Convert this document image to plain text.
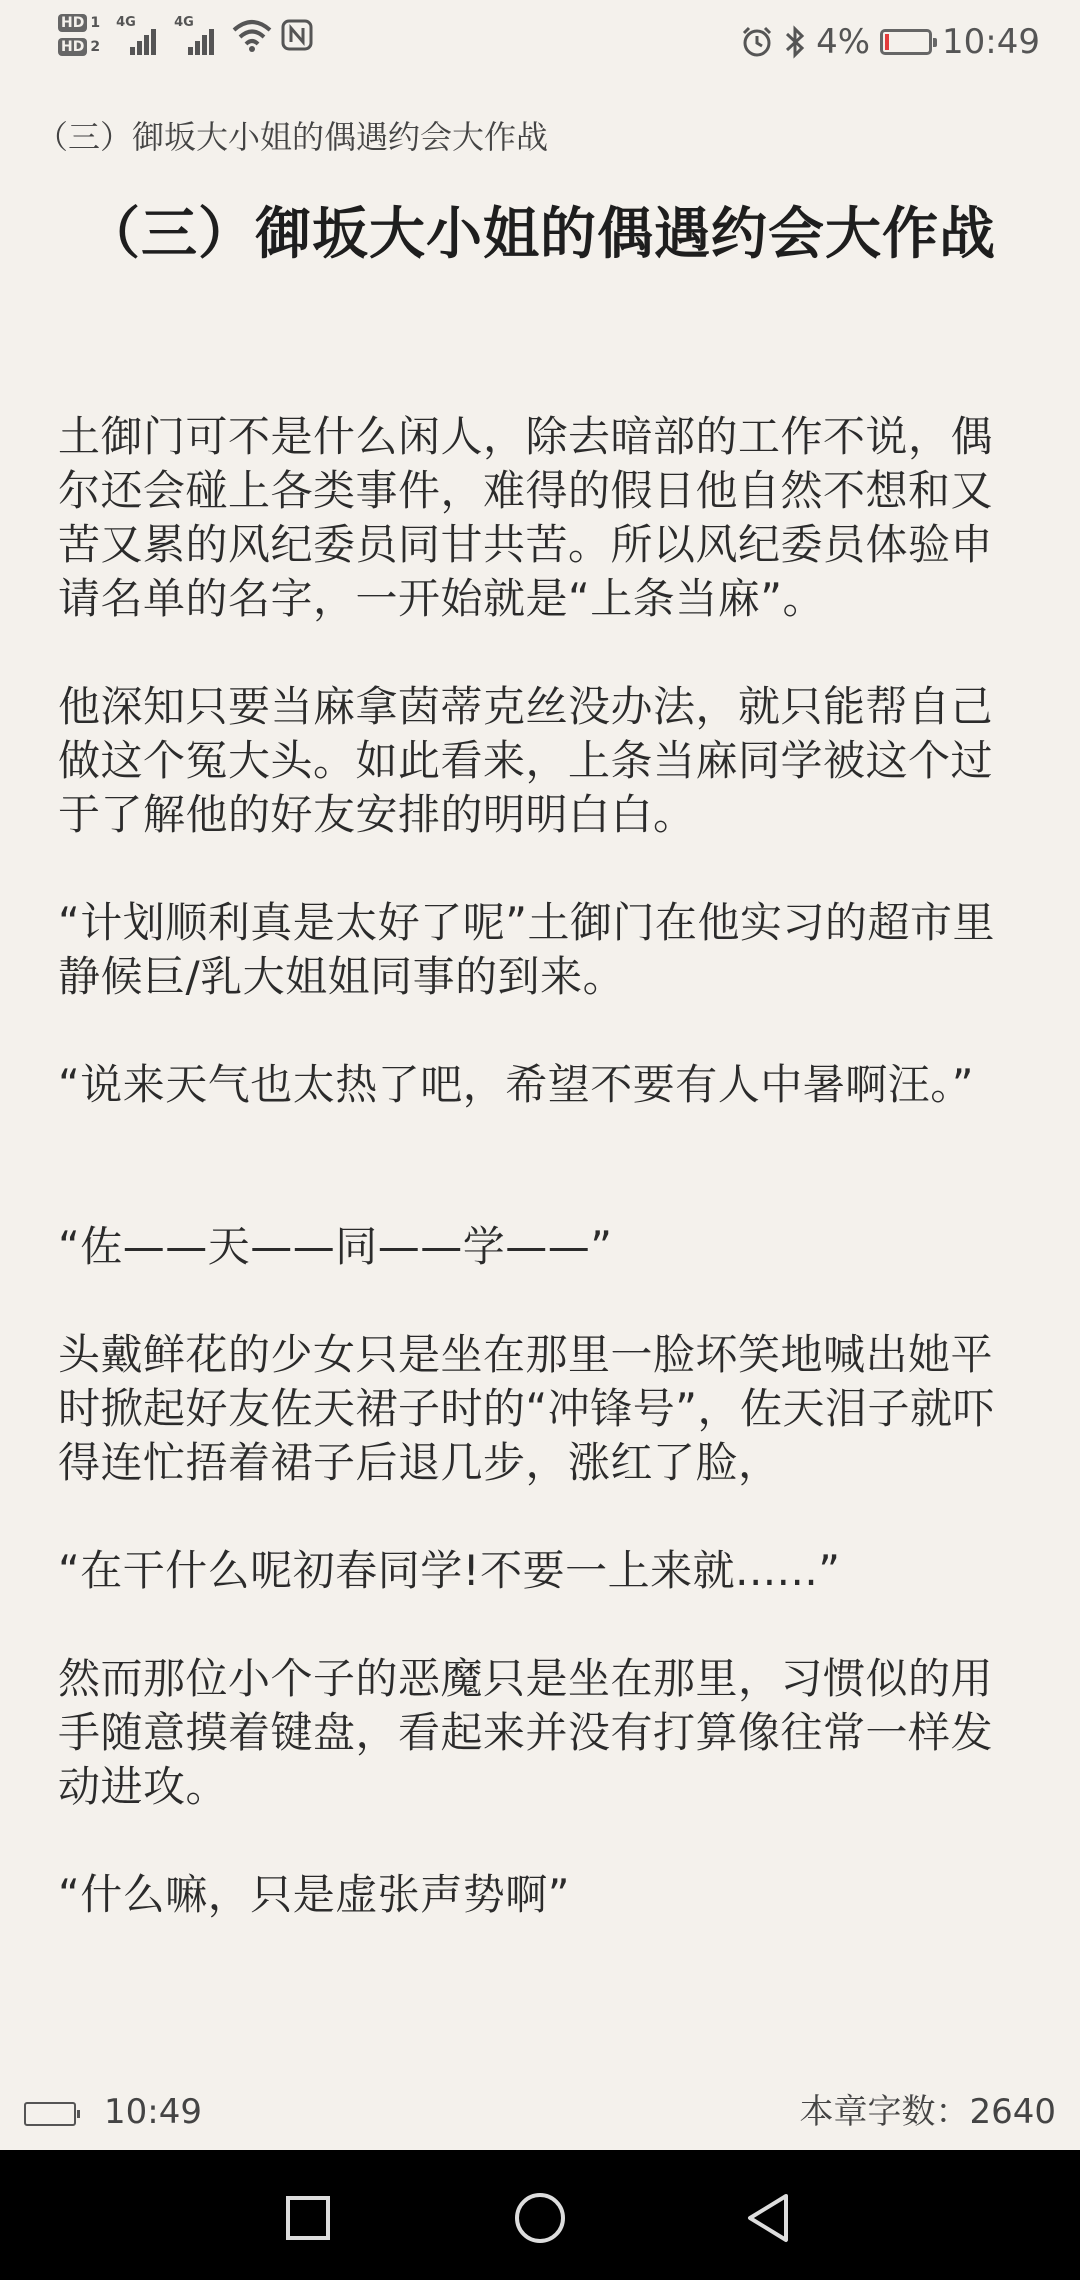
HD 1
HD 2
4G	4G	4% 10:49
（三）御坂大小姐的偶遇约会大作战
（三）御坂大小姐的偶遇约会大作战

土御门可不是什么闲人，除去暗部的工作不说，偶尔还会碰上各类事件，难得的假日他自然不想和又苦又累的风纪委员同甘共苦。所以风纪委员体验申请名单的名字，一开始就是“上条当麻”。

他深知只要当麻拿茵蒂克丝没办法，就只能帮自己做这个冤大头。如此看来，上条当麻同学被这个过于了解他的好友安排的明明白白。

“计划顺利真是太好了呢”土御门在他实习的超市里静候巨/乳大姐姐同事的到来。

“说来天气也太热了吧，希望不要有人中暑啊汪。”

“佐——天——同——学——”

头戴鲜花的少女只是坐在那里一脸坏笑地喊出她平时掀起好友佐天裙子时的“冲锋号”，佐天泪子就吓得连忙捂着裙子后退几步，涨红了脸，

“在干什么呢初春同学!不要一上来就......”

然而那位小个子的恶魔只是坐在那里，习惯似的用手随意摸着键盘，看起来并没有打算像往常一样发动进攻。

“什么嘛，只是虚张声势啊”

10:49	本章字数：2640
